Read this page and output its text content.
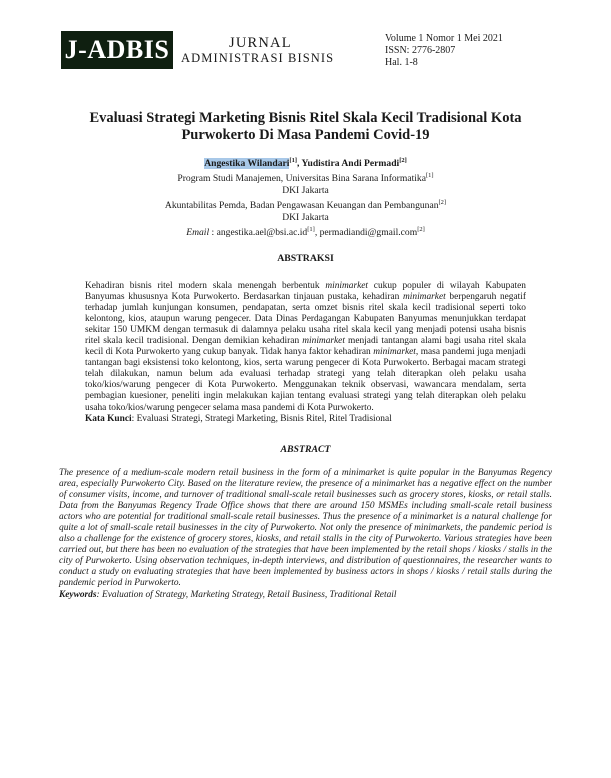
J-ADBIS	JURNAL
ADMINISTRASI BISNIS
Volume 1 Nomor 1 Mei 2021
ISSN: 2776-2807
Hal. 1-8
Evaluasi Strategi Marketing Bisnis Ritel Skala Kecil Tradisional Kota
Purwokerto Di Masa Pandemi Covid-19
Angestika Wilandari[1], Yudistira Andi Permadi[2]
Program Studi Manajemen, Universitas Bina Sarana Informatika[1]
DKI Jakarta
Akuntabilitas Pemda, Badan Pengawasan Keuangan dan Pembangunan[2]
DKI Jakarta
Email : angestika.ael@bsi.ac.id[1], permadiandi@gmail.com[2]
ABSTRAKSI
Kehadiran bisnis ritel modern skala menengah berbentuk minimarket cukup populer di wilayah Kabupaten Banyumas khususnya Kota Purwokerto. Berdasarkan tinjauan pustaka, kehadiran minimarket berpengaruh negatif terhadap jumlah kunjungan konsumen, pendapatan, serta omzet bisnis ritel skala kecil tradisional seperti toko kelontong, kios, ataupun warung pengecer. Data Dinas Perdagangan Kabupaten Banyumas menunjukkan terdapat sekitar 150 UMKM dengan termasuk di dalamnya pelaku usaha ritel skala kecil yang menjadi potensi usaha bisnis ritel skala kecil tradisional. Dengan demikian kehadiran minimarket menjadi tantangan alami bagi usaha ritel skala kecil di Kota Purwokerto yang cukup banyak. Tidak hanya faktor kehadiran minimarket, masa pandemi juga menjadi tantangan bagi eksistensi toko kelontong, kios, serta warung pengecer di Kota Purwokerto. Berbagai macam strategi telah dilakukan, namun belum ada evaluasi terhadap strategi yang telah diterapkan oleh pelaku usaha toko/kios/warung pengecer di Kota Purwokerto. Menggunakan teknik observasi, wawancara mendalam, serta pembagian kuesioner, peneliti ingin melakukan kajian tentang evaluasi strategi yang telah diterapkan oleh pelaku usaha toko/kios/warung pengecer selama masa pandemi di Kota Purwokerto.
Kata Kunci: Evaluasi Strategi, Strategi Marketing, Bisnis Ritel, Ritel Tradisional
ABSTRACT
The presence of a medium-scale modern retail business in the form of a minimarket is quite popular in the Banyumas Regency area, especially Purwokerto City. Based on the literature review, the presence of a minimarket has a negative effect on the number of consumer visits, income, and turnover of traditional small-scale retail businesses such as grocery stores, kiosks, or retail stalls. Data from the Banyumas Regency Trade Office shows that there are around 150 MSMEs including small-scale retail business actors who are potential for traditional small-scale retail businesses. Thus the presence of a minimarket is a natural challenge for quite a lot of small-scale retail businesses in the city of Purwokerto. Not only the presence of minimarkets, the pandemic period is also a challenge for the existence of grocery stores, kiosks, and retail stalls in the city of Purwokerto. Various strategies have been carried out, but there has been no evaluation of the strategies that have been implemented by the retail shops / kiosks / stalls in the city of Purwokerto. Using observation techniques, in-depth interviews, and distribution of questionnaires, the researcher wants to conduct a study on evaluating strategies that have been implemented by business actors in shops / kiosks / retail stalls during the pandemic period in Purwokerto.
Keywords: Evaluation of Strategy, Marketing Strategy, Retail Business, Traditional Retail
